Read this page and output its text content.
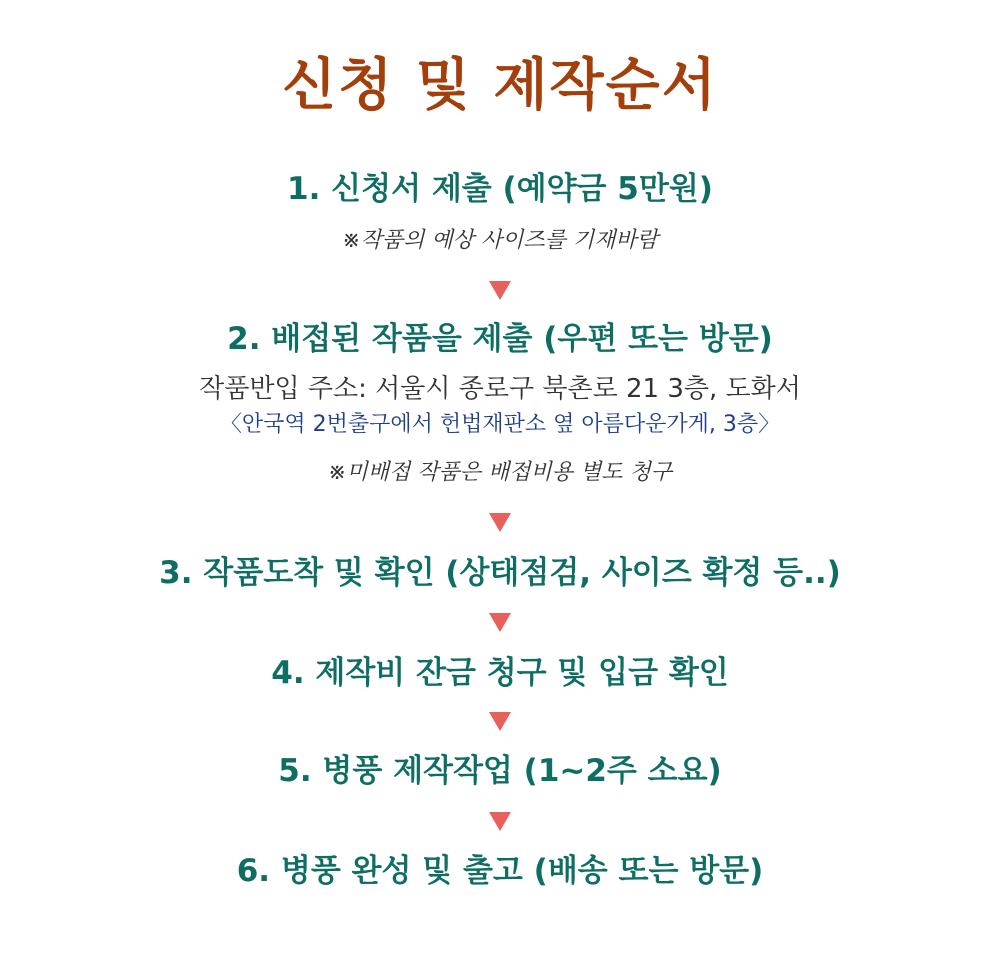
신청 및 제작순서
1. 신청서 제출 (예약금 5만원)
※작품의 예상 사이즈를 기재바람
2. 배접된 작품을 제출 (우편 또는 방문)
작품반입 주소: 서울시 종로구 북촌로 21 3층, 도화서
〈안국역 2번출구에서 헌법재판소 옆 아름다운가게, 3층〉
※미배접 작품은 배접비용 별도 청구
3. 작품도착 및 확인 (상태점검, 사이즈 확정 등..)
4. 제작비 잔금 청구 및 입금 확인
5. 병풍 제작작업 (1~2주 소요)
6. 병풍 완성 및 출고 (배송 또는 방문)
